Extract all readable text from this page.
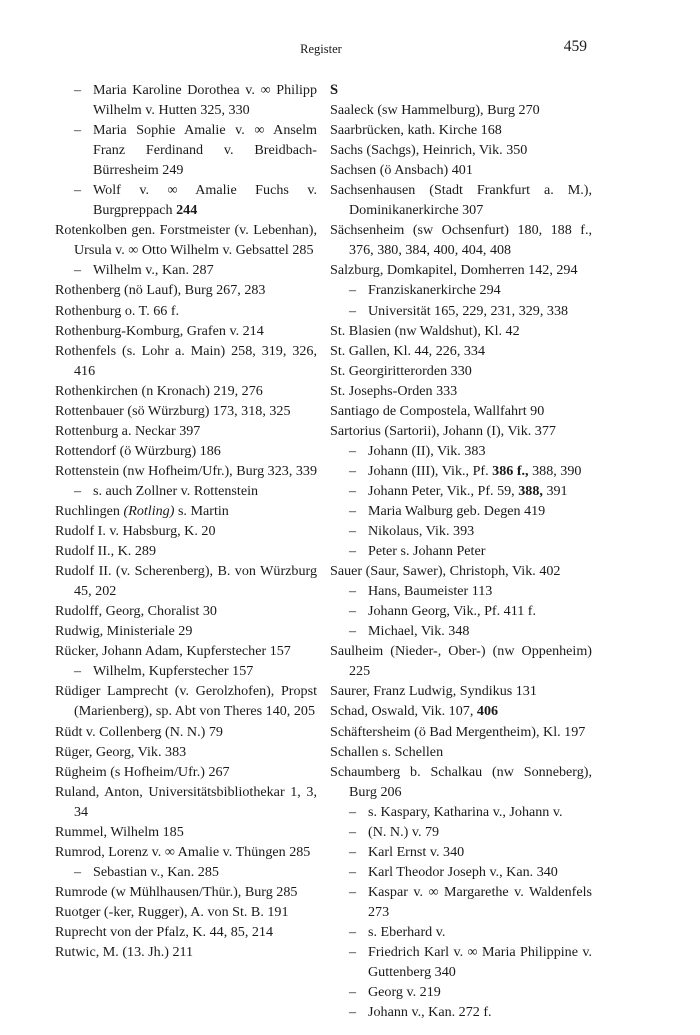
Register	459
– Maria Karoline Dorothea v. ∞ Philipp Wilhelm v. Hutten 325, 330
– Maria Sophie Amalie v. ∞ Anselm Franz Ferdinand v. Breidbach-Bürresheim 249
– Wolf v. ∞ Amalie Fuchs v. Burgpreppach 244
Rotenkolben gen. Forstmeister (v. Lebenhan), Ursula v. ∞ Otto Wilhelm v. Gebsattel 285
– Wilhelm v., Kan. 287
Rothenberg (nö Lauf), Burg 267, 283
Rothenburg o. T. 66 f.
Rothenburg-Komburg, Grafen v. 214
Rothenfels (s. Lohr a. Main) 258, 319, 326, 416
Rothenkirchen (n Kronach) 219, 276
Rottenbauer (sö Würzburg) 173, 318, 325
Rottenburg a. Neckar 397
Rottendorf (ö Würzburg) 186
Rottenstein (nw Hofheim/Ufr.), Burg 323, 339
– s. auch Zollner v. Rottenstein
Ruchlingen (Rotling) s. Martin
Rudolf I. v. Habsburg, K. 20
Rudolf II., K. 289
Rudolf II. (v. Scherenberg), B. von Würzburg 45, 202
Rudolff, Georg, Choralist 30
Rudwig, Ministeriale 29
Rücker, Johann Adam, Kupferstecher 157
– Wilhelm, Kupferstecher 157
Rüdiger Lamprecht (v. Gerolzhofen), Propst (Marienberg), sp. Abt von Theres 140, 205
Rüdt v. Collenberg (N. N.) 79
Rüger, Georg, Vik. 383
Rügheim (s Hofheim/Ufr.) 267
Ruland, Anton, Universitätsbibliothekar 1, 3, 34
Rummel, Wilhelm 185
Rumrod, Lorenz v. ∞ Amalie v. Thüngen 285
– Sebastian v., Kan. 285
Rumrode (w Mühlhausen/Thür.), Burg 285
Ruotger (-ker, Rugger), A. von St. B. 191
Ruprecht von der Pfalz, K. 44, 85, 214
Rutwic, M. (13. Jh.) 211
S
Saaleck (sw Hammelburg), Burg 270
Saarbrücken, kath. Kirche 168
Sachs (Sachgs), Heinrich, Vik. 350
Sachsen (ö Ansbach) 401
Sachsenhausen (Stadt Frankfurt a. M.), Dominikanerkirche 307
Sächsenheim (sw Ochsenfurt) 180, 188 f., 376, 380, 384, 400, 404, 408
Salzburg, Domkapitel, Domherren 142, 294
– Franziskanerkirche 294
– Universität 165, 229, 231, 329, 338
St. Blasien (nw Waldshut), Kl. 42
St. Gallen, Kl. 44, 226, 334
St. Georgiritterorden 330
St. Josephs-Orden 333
Santiago de Compostela, Wallfahrt 90
Sartorius (Sartorii), Johann (I), Vik. 377
– Johann (II), Vik. 383
– Johann (III), Vik., Pf. 386 f., 388, 390
– Johann Peter, Vik., Pf. 59, 388, 391
– Maria Walburg geb. Degen 419
– Nikolaus, Vik. 393
– Peter s. Johann Peter
Sauer (Saur, Sawer), Christoph, Vik. 402
– Hans, Baumeister 113
– Johann Georg, Vik., Pf. 411 f.
– Michael, Vik. 348
Saulheim (Nieder-, Ober-) (nw Oppenheim) 225
Saurer, Franz Ludwig, Syndikus 131
Schad, Oswald, Vik. 107, 406
Schäftersheim (ö Bad Mergentheim), Kl. 197
Schallen s. Schellen
Schaumberg b. Schalkau (nw Sonneberg), Burg 206
– s. Kaspary, Katharina v., Johann v.
– (N. N.) v. 79
– Karl Ernst v. 340
– Karl Theodor Joseph v., Kan. 340
– Kaspar v. ∞ Margarethe v. Waldenfels 273
– s. Eberhard v.
– Friedrich Karl v. ∞ Maria Philippine v. Guttenberg 340
– Georg v. 219
– Johann v., Kan. 272 f.
